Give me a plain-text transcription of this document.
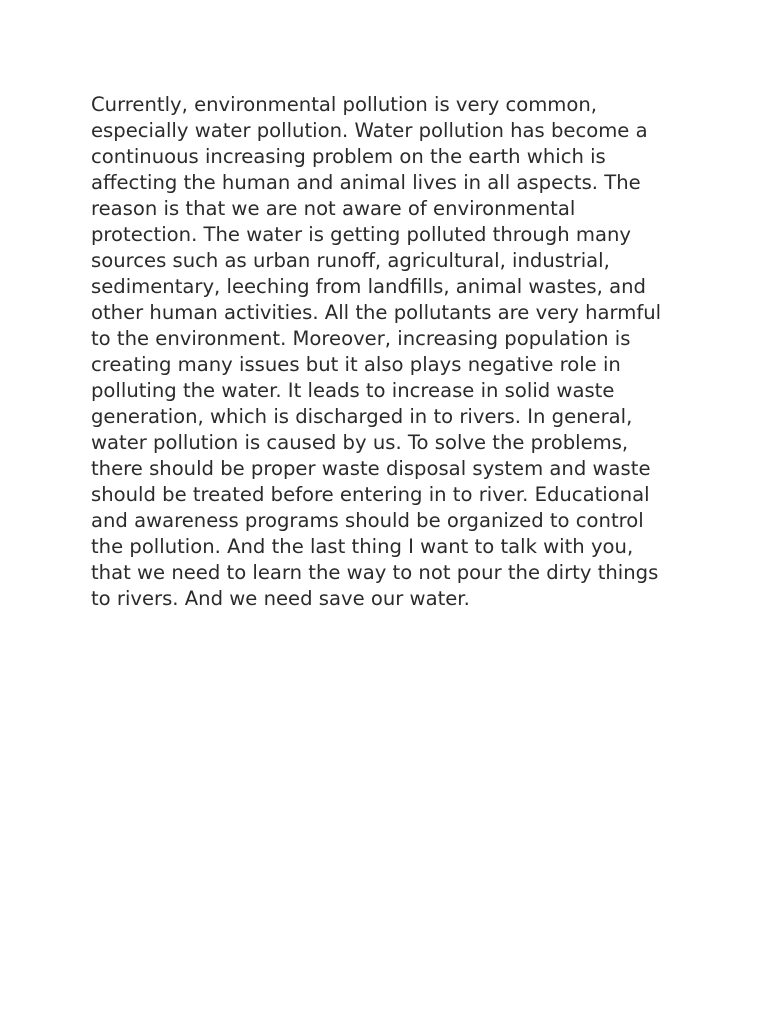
Currently, environmental pollution is very common,
especially water pollution. Water pollution has become a
continuous increasing problem on the earth which is
affecting the human and animal lives in all aspects. The
reason is that we are not aware of environmental
protection. The water is getting polluted through many
sources such as urban runoff, agricultural, industrial,
sedimentary, leeching from landfills, animal wastes, and
other human activities. All the pollutants are very harmful
to the environment. Moreover, increasing population is
creating many issues but it also plays negative role in
polluting the water. It leads to increase in solid waste
generation, which is discharged in to rivers. In general,
water pollution is caused by us. To solve the problems,
there should be proper waste disposal system and waste
should be treated before entering in to river. Educational
and awareness programs should be organized to control
the pollution. And the last thing I want to talk with you,
that we need to learn the way to not pour the dirty things
to rivers. And we need save our water.
